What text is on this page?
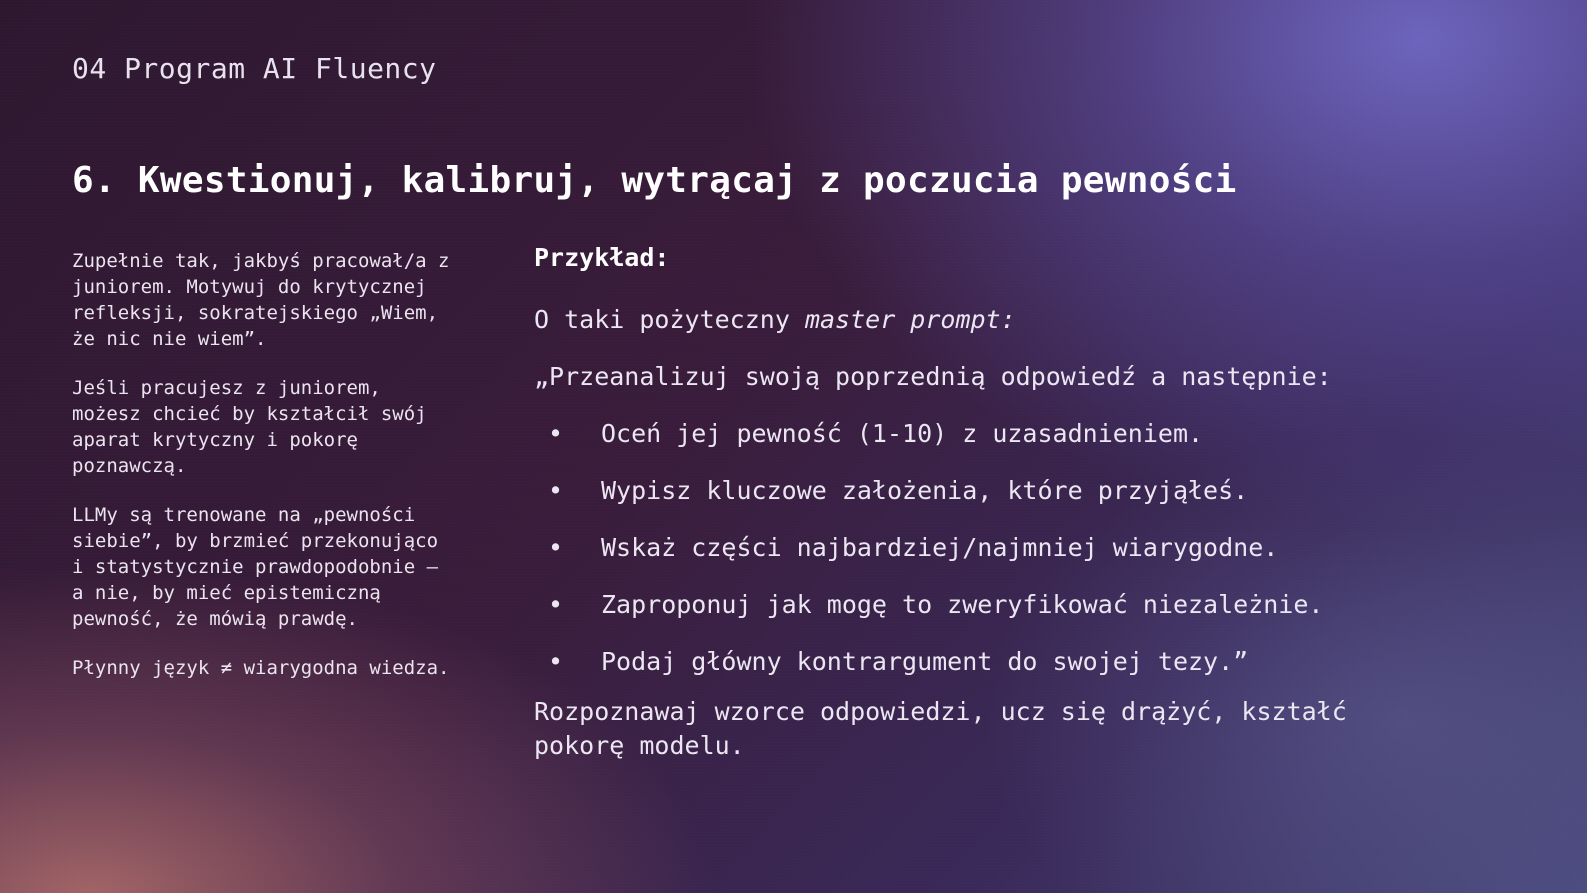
04 Program AI Fluency
6. Kwestionuj, kalibruj, wytrącaj z poczucia pewności

Zupełnie tak, jakbyś pracował/a z juniorem. Motywuj do krytycznej refleksji, sokratejskiego „Wiem, że nic nie wiem”.

Jeśli pracujesz z juniorem, możesz chcieć by kształcił swój aparat krytyczny i pokorę poznawczą.

LLMy są trenowane na „pewności siebie”, by brzmieć przekonująco i statystycznie prawdopodobnie – a nie, by mieć epistemiczną pewność, że mówią prawdę.

Płynny język ≠ wiarygodna wiedza.

Przykład:
O taki pożyteczny master prompt:
„Przeanalizuj swoją poprzednią odpowiedź a następnie:
• Oceń jej pewność (1-10) z uzasadnieniem.
• Wypisz kluczowe założenia, które przyjąłeś.
• Wskaż części najbardziej/najmniej wiarygodne.
• Zaproponuj jak mogę to zweryfikować niezależnie.
• Podaj główny kontrargument do swojej tezy.”
Rozpoznawaj wzorce odpowiedzi, ucz się drążyć, kształć pokorę modelu.
